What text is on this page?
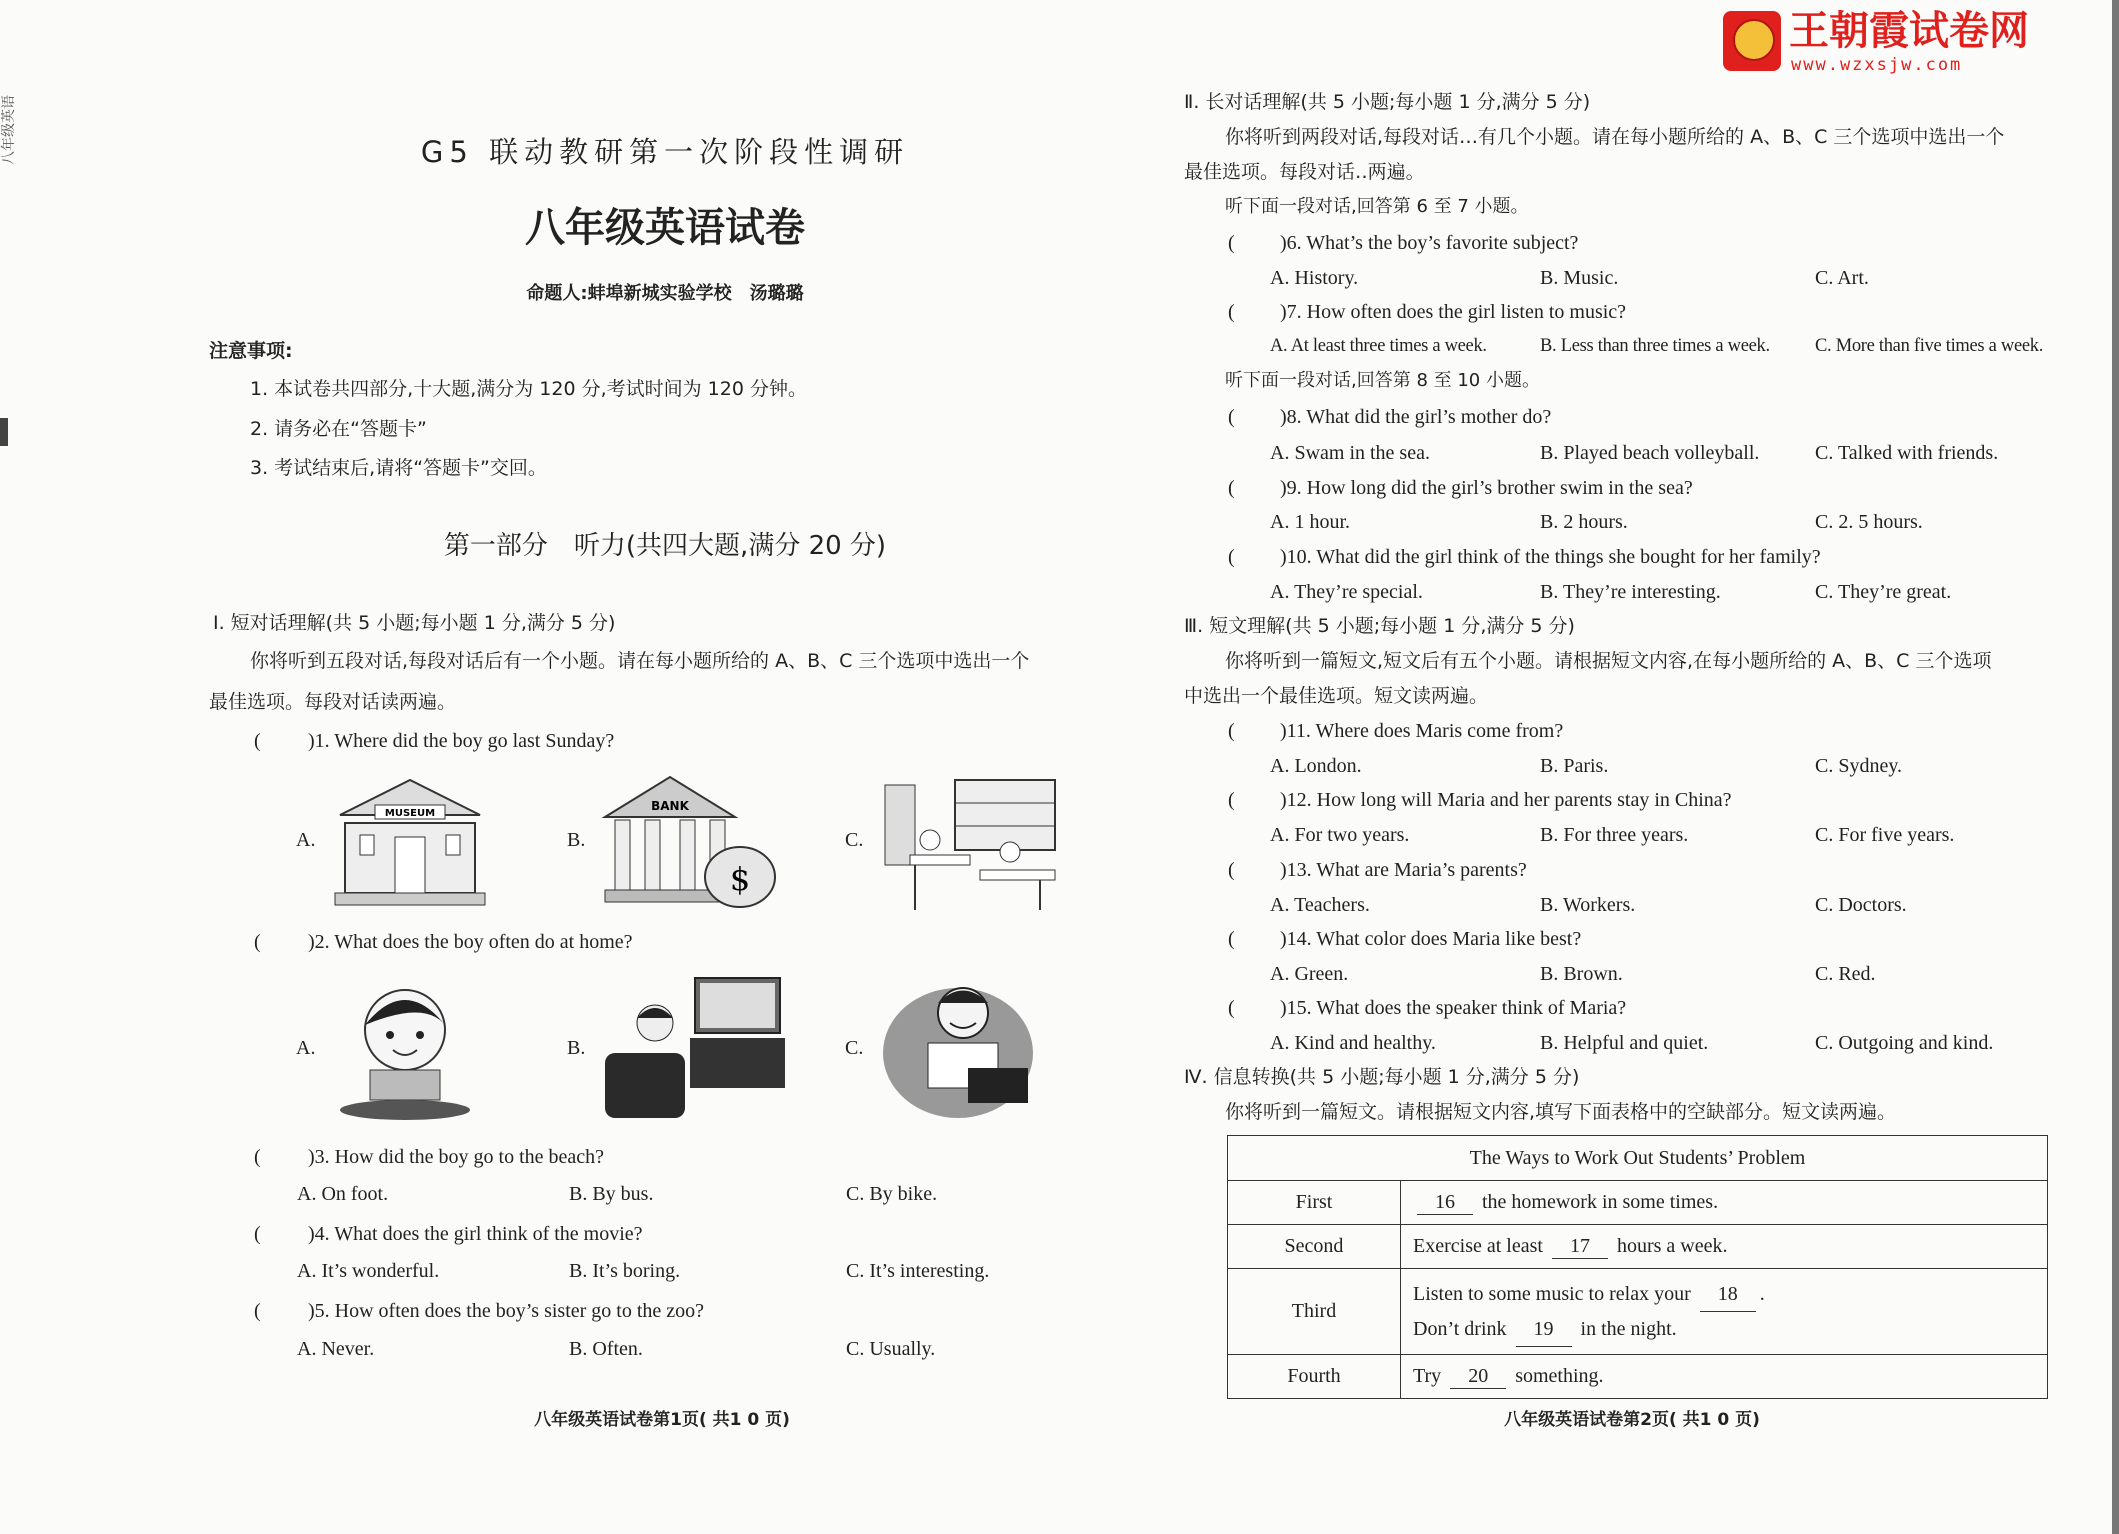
八年级英语
王朝霞试卷网
www.wzxsjw.com
G5 联动教研第一次阶段性调研
八年级英语试卷
命题人:蚌埠新城实验学校　汤璐璐
注意事项:
1. 本试卷共四部分,十大题,满分为 120 分,考试时间为 120 分钟。
2. 请务必在“答题卡”
3. 考试结束后,请将“答题卡”交回。
第一部分　听力(共四大题,满分 20 分)
Ⅰ. 短对话理解(共 5 小题;每小题 1 分,满分 5 分)
你将听到五段对话,每段对话后有一个小题。请在每小题所给的 A、B、C 三个选项中选出一个
最佳选项。每段对话读两遍。
( )1. Where did the boy go last Sunday?
A.	B.	C.
MUSEUM
BANK
$
( )2. What does the boy often do at home?
A.	B.	C.
( )3. How did the boy go to the beach?
A. On foot.	B. By bus.	C. By bike.
( )4. What does the girl think of the movie?
A. It’s wonderful.	B. It’s boring.	C. It’s interesting.
( )5. How often does the boy’s sister go to the zoo?
A. Never.	B. Often.	C. Usually.
八年级英语试卷第1页( 共1 0 页)
Ⅱ. 长对话理解(共 5 小题;每小题 1 分,满分 5 分)
你将听到两段对话,每段对话…有几个小题。请在每小题所给的 A、B、C 三个选项中选出一个
最佳选项。每段对话‥两遍。
听下面一段对话,回答第 6 至 7 小题。
( )6. What’s the boy’s favorite subject?
A. History.	B. Music.	C. Art.
( )7. How often does the girl listen to music?
A. At least three times a week.	B. Less than three times a week. C. More than five times a week.
( )8. What did the girl’s mother do?
A. Swam in the sea.	B. Played beach volleyball.	C. Talked with friends.
( )9. How long did the girl’s brother swim in the sea?
A. 1 hour.	B. 2 hours.	C. 2. 5 hours.
( )10. What did the girl think of the things she bought for her family?
A. They’re special.	B. They’re interesting.	C. They’re great.
( )11. Where does Maris come from?
A. London.	B. Paris.	C. Sydney.
( )12. How long will Maria and her parents stay in China?
A. For two years.	B. For three years.	C. For five years.
( )13. What are Maria’s parents?
A. Teachers.	B. Workers.	C. Doctors.
( )14. What color does Maria like best?
A. Green.	B. Brown.	C. Red.
( )15. What does the speaker think of Maria?
A. Kind and healthy.	B. Helpful and quiet.	C. Outgoing and kind.
听下面一段对话,回答第 8 至 10 小题。
Ⅲ. 短文理解(共 5 小题;每小题 1 分,满分 5 分)
你将听到一篇短文,短文后有五个小题。请根据短文内容,在每小题所给的 A、B、C 三个选项
中选出一个最佳选项。短文读两遍。
Ⅳ. 信息转换(共 5 小题;每小题 1 分,满分 5 分)
你将听到一篇短文。请根据短文内容,填写下面表格中的空缺部分。短文读两遍。
The Ways to Work Out Students’ Problem	
First	16 the homework in some times.
Second	Exercise at least 17 hours a week.
Third	Listen to some music to relax your 18 .
Don’t drink 19 in the night.
Fourth	Try 20 something.
八年级英语试卷第2页( 共1 0 页)
